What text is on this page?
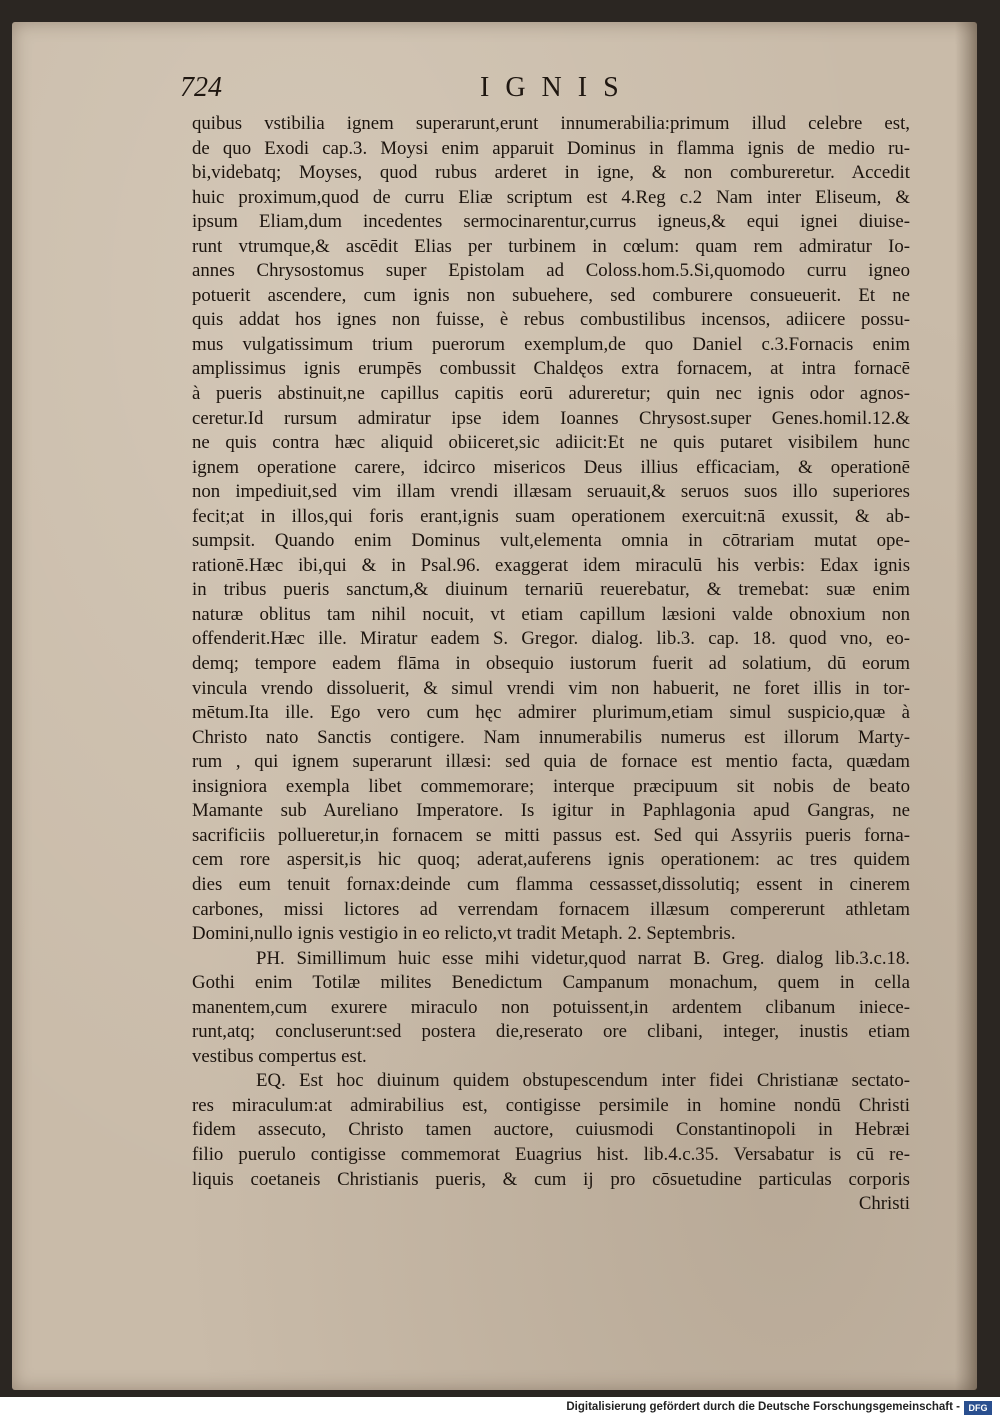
724	IGNIS
quibus vstibilia ignem superarunt,erunt innumerabilia:primum illud celebre est,
de quo Exodi cap.3. Moysi enim apparuit Dominus in flamma ignis de medio ru-
bi,videbatq; Moyses, quod rubus arderet in igne, & non combureretur. Accedit
huic proximum,quod de curru Eliæ scriptum est 4.Reg c.2 Nam inter Eliseum, &
ipsum Eliam,dum incedentes sermocinarentur,currus igneus,& equi ignei diuise-
runt vtrumque,& ascēdit Elias per turbinem in cœlum: quam rem admiratur Io-
annes Chrysostomus super Epistolam ad Coloss.hom.5.Si,quomodo curru igneo
potuerit ascendere, cum ignis non subuehere, sed comburere consueuerit. Et ne
quis addat hos ignes non fuisse, è rebus combustilibus incensos, adiicere possu-
mus vulgatissimum trium puerorum exemplum,de quo Daniel c.3.Fornacis enim
amplissimus ignis erumpēs combussit Chaldęos extra fornacem, at intra fornacē
à pueris abstinuit,ne capillus capitis eorū adureretur; quin nec ignis odor agnos-
ceretur.Id rursum admiratur ipse idem Ioannes Chrysost.super Genes.homil.12.&
ne quis contra hæc aliquid obiiceret,sic adiicit:Et ne quis putaret visibilem hunc
ignem operatione carere, idcirco misericos Deus illius efficaciam, & operationē
non impediuit,sed vim illam vrendi illæsam seruauit,& seruos suos illo superiores
fecit;at in illos,qui foris erant,ignis suam operationem exercuit:nā exussit, & ab-
sumpsit. Quando enim Dominus vult,elementa omnia in cōtrariam mutat ope-
rationē.Hæc ibi,qui & in Psal.96. exaggerat idem miraculū his verbis: Edax ignis
in tribus pueris sanctum,& diuinum ternariū reuerebatur, & tremebat: suæ enim
naturæ oblitus tam nihil nocuit, vt etiam capillum læsioni valde obnoxium non
offenderit.Hæc ille. Miratur eadem S. Gregor. dialog. lib.3. cap. 18. quod vno, eo-
demq; tempore eadem flāma in obsequio iustorum fuerit ad solatium, dū eorum
vincula vrendo dissoluerit, & simul vrendi vim non habuerit, ne foret illis in tor-
mētum.Ita ille. Ego vero cum hęc admirer plurimum,etiam simul suspicio,quæ à
Christo nato Sanctis contigere. Nam innumerabilis numerus est illorum Marty-
rum , qui ignem superarunt illæsi: sed quia de fornace est mentio facta, quædam
insigniora exempla libet commemorare; interque præcipuum sit nobis de beato
Mamante sub Aureliano Imperatore. Is igitur in Paphlagonia apud Gangras, ne
sacrificiis pollueretur,in fornacem se mitti passus est. Sed qui Assyriis pueris forna-
cem rore aspersit,is hic quoq; aderat,auferens ignis operationem: ac tres quidem
dies eum tenuit fornax:deinde cum flamma cessasset,dissolutiq; essent in cinerem
carbones, missi lictores ad verrendam fornacem illæsum compererunt athletam
Domini,nullo ignis vestigio in eo relicto,vt tradit Metaph. 2. Septembris.
PH. Simillimum huic esse mihi videtur,quod narrat B. Greg. dialog lib.3.c.18.
Gothi enim Totilæ milites Benedictum Campanum monachum, quem in cella
manentem,cum exurere miraculo non potuissent,in ardentem clibanum iniece-
runt,atq; concluserunt:sed postera die,reserato ore clibani, integer, inustis etiam
vestibus compertus est.
EQ. Est hoc diuinum quidem obstupescendum inter fidei Christianæ sectato-
res miraculum:at admirabilius est, contigisse persimile in homine nondū Christi
fidem assecuto, Christo tamen auctore, cuiusmodi Constantinopoli in Hebræi
filio puerulo contigisse commemorat Euagrius hist. lib.4.c.35. Versabatur is cū re-
liquis coetaneis Christianis pueris, & cum ij pro cōsuetudine particulas corporis
Christi
Digitalisierung gefördert durch die Deutsche Forschungsgemeinschaft - DFG
